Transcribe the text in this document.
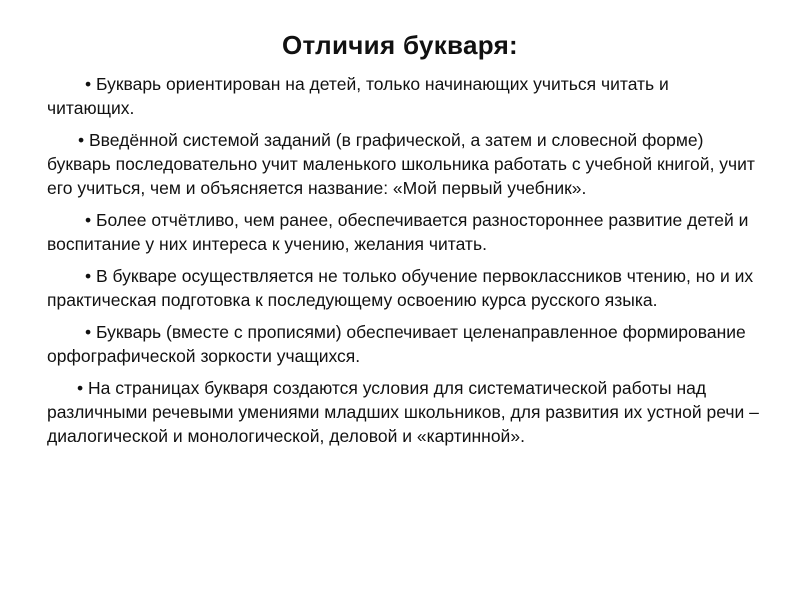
Отличия букваря:

• Букварь ориентирован на детей, только начинающих учиться читать и читающих.

• Введённой системой заданий (в графической, а затем и словесной форме) букварь последовательно учит маленького школьника работать с учебной книгой, учит его учиться, чем и объясняется название: «Мой первый учебник».

• Более отчётливо, чем ранее, обеспечивается разностороннее развитие детей и воспитание у них интереса к учению, желания читать.

• В букваре осуществляется не только обучение первоклассников чтению, но и их практическая подготовка к последующему освоению курса русского языка.

• Букварь (вместе с прописями) обеспечивает целенаправленное формирование орфографической зоркости учащихся.

• На страницах букваря создаются условия для систематической работы над различными речевыми умениями младших школьников, для развития их устной речи – диалогической и монологической, деловой и «картинной».
